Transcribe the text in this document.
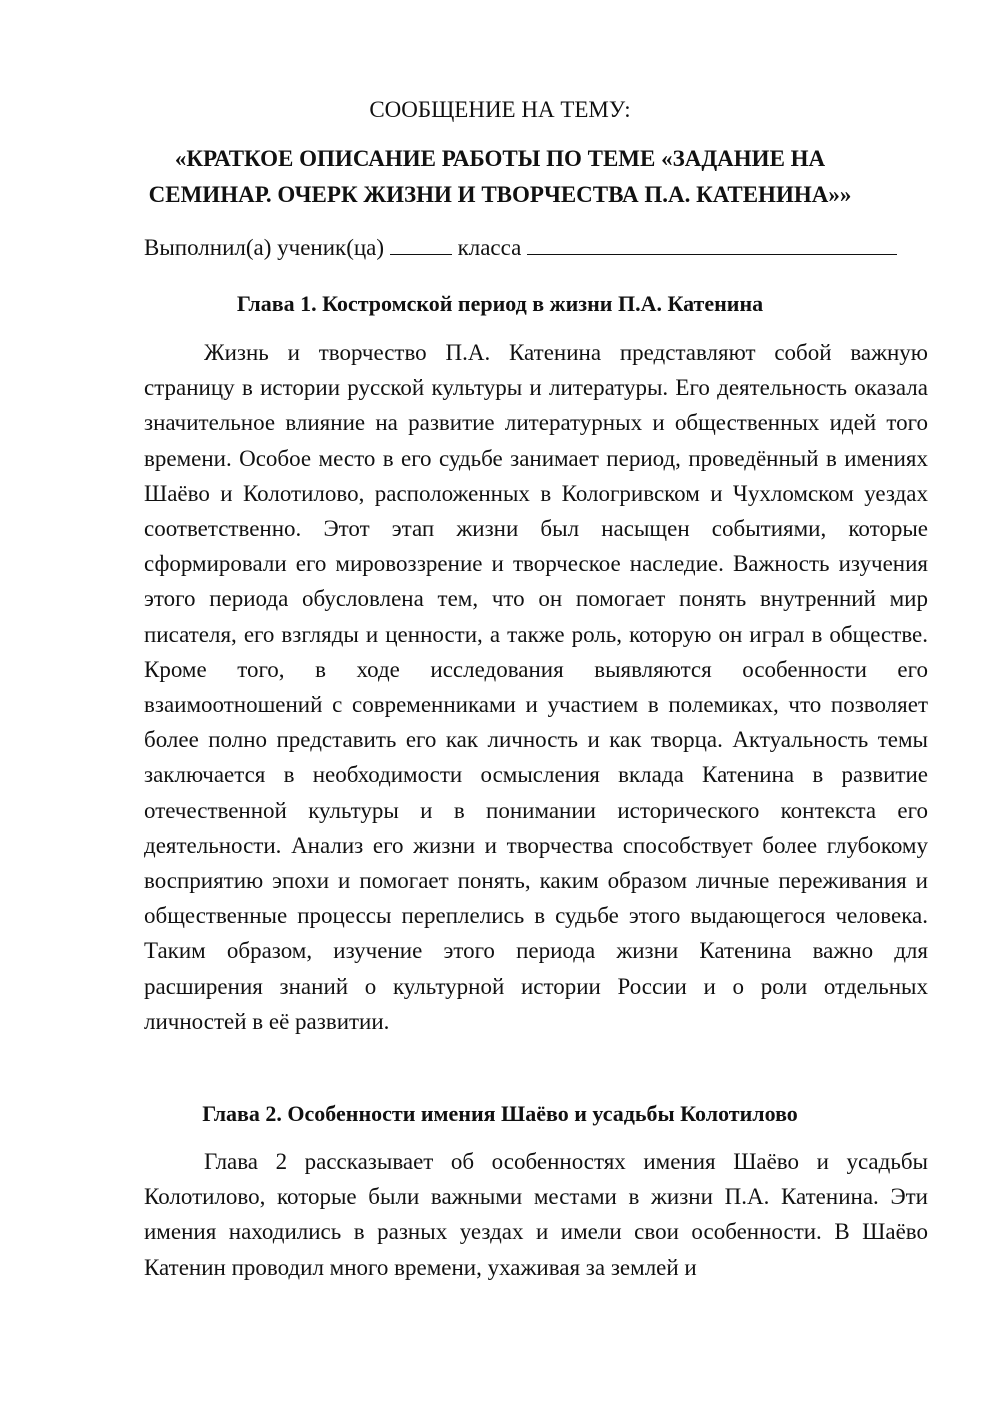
СООБЩЕНИЕ НА ТЕМУ:
«КРАТКОЕ ОПИСАНИЕ РАБОТЫ ПО ТЕМЕ «ЗАДАНИЕ НА СЕМИНАР. ОЧЕРК ЖИЗНИ И ТВОРЧЕСТВА П.А. КАТЕНИНА»»
Выполнил(а) ученик(ца)	класса
Глава 1. Костромской период в жизни П.А. Катенина
Жизнь и творчество П.А. Катенина представляют собой важную страницу в истории русской культуры и литературы. Его деятельность оказала значительное влияние на развитие литературных и общественных идей того времени. Особое место в его судьбе занимает период, проведённый в имениях Шаёво и Колотилово, расположенных в Кологривском и Чухломском уездах соответственно. Этот этап жизни был насыщен событиями, которые сформировали его мировоззрение и творческое наследие. Важность изучения этого периода обусловлена тем, что он помогает понять внутренний мир писателя, его взгляды и ценности, а также роль, которую он играл в обществе. Кроме того, в ходе исследования выявляются особенности его взаимоотношений с современниками и участием в полемиках, что позволяет более полно представить его как личность и как творца. Актуальность темы заключается в необходимости осмысления вклада Катенина в развитие отечественной культуры и в понимании исторического контекста его деятельности. Анализ его жизни и творчества способствует более глубокому восприятию эпохи и помогает понять, каким образом личные переживания и общественные процессы переплелись в судьбе этого выдающегося человека. Таким образом, изучение этого периода жизни Катенина важно для расширения знаний о культурной истории России и о роли отдельных личностей в её развитии.
Глава 2. Особенности имения Шаёво и усадьбы Колотилово
Глава 2 рассказывает об особенностях имения Шаёво и усадьбы Колотилово, которые были важными местами в жизни П.А. Катенина. Эти имения находились в разных уездах и имели свои особенности. В Шаёво Катенин проводил много времени, ухаживая за землей и
